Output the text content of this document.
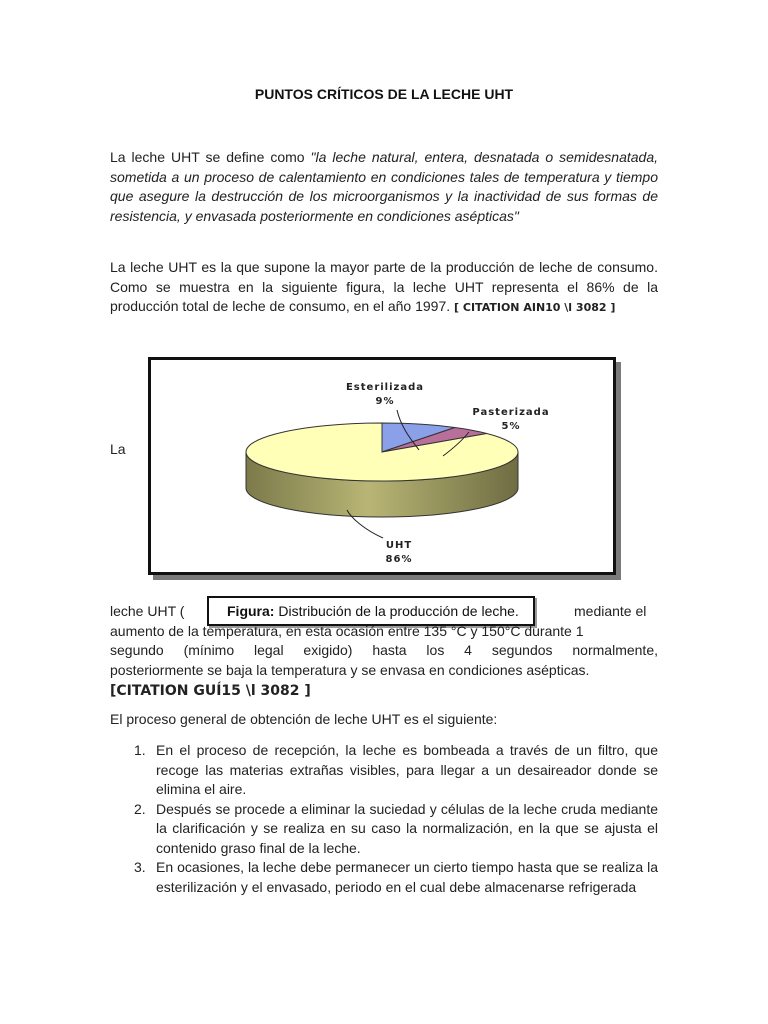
PUNTOS CRÍTICOS DE LA LECHE UHT
La leche UHT se define como "la leche natural, entera, desnatada o semidesnatada, sometida a un proceso de calentamiento en condiciones tales de temperatura y tiempo que asegure la destrucción de los microorganismos y la inactividad de sus formas de resistencia, y envasada posteriormente en condiciones asépticas"
La leche UHT es la que supone la mayor parte de la producción de leche de consumo. Como se muestra en la siguiente figura, la leche UHT representa el 86% de la producción total de leche de consumo, en el año 1997. [ CITATION AIN10 \l 3082 ]
La
Esterilizada
9%
Pasterizada
5%
UHT
86%
leche UHT (	mediante el
Figura: Distribución de la producción de leche.
aumento de la temperatura, en esta ocasión entre 135 °C y 150°C durante 1
segundo (mínimo legal exigido) hasta los 4 segundos normalmente,
posteriormente se baja la temperatura y se envasa en condiciones asépticas.
[CITATION GUÍ15 \l 3082 ]
El proceso general de obtención de leche UHT es el siguiente:
1. En el proceso de recepción, la leche es bombeada a través de un filtro, que recoge las materias extrañas visibles, para llegar a un desaireador donde se elimina el aire.
2. Después se procede a eliminar la suciedad y células de la leche cruda mediante la clarificación y se realiza en su caso la normalización, en la que se ajusta el contenido graso final de la leche.
3. En ocasiones, la leche debe permanecer un cierto tiempo hasta que se realiza la esterilización y el envasado, periodo en el cual debe almacenarse refrigerada
